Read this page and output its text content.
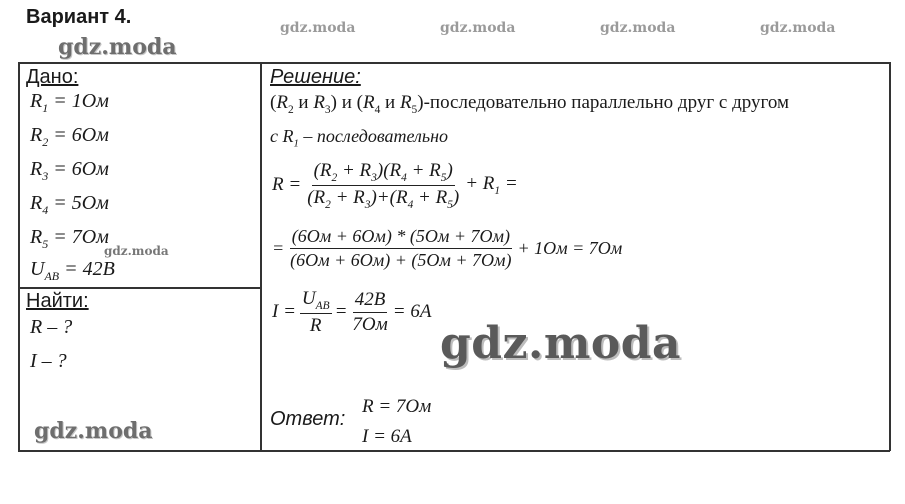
Вариант 4.
gdz.moda
gdz.moda	gdz.moda	gdz.moda	gdz.moda
Дано:
$R_1 = 1Ом$
$R_2 = 6Ом$
$R_3 = 6Ом$
$R_4 = 5Ом$
$R_5 = 7Ом$
gdz.moda
$U_{AB} = 42B$
Найти:
R – ?
I – ?
gdz.moda
Решение:
($R_2$ и $R_3$) и ($R_4$ и $R_5$)-последовательно параллельно друг с другом
с $R_1$ – последовательно
$R = \frac{(R_2 + R_3)(R_4 + R_5)}{(R_2 + R_3)+(R_4 + R_5)} + R_1$ =
= $\frac{(6Ом + 6Ом) * (5Ом + 7Ом)}{(6Ом + 6Ом) + (5Ом + 7Ом)} + 1Ом = 7Ом$
$I = \frac{U_{AB}}{R} = \frac{42B}{7Ом} = 6A$
gdz.moda
Ответ:
R = 7Ом
I = 6A
